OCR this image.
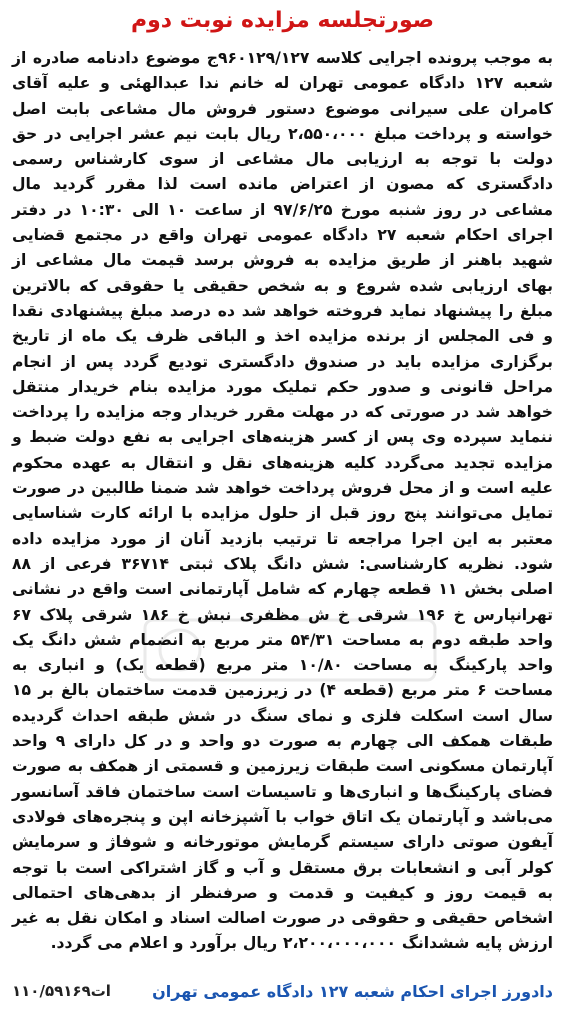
صورتجلسه مزایده نوبت دوم

به موجب پرونده اجرایی کلاسه ۹۶۰۱۲۹/۱۲۷ج موضوع دادنامه صادره از شعبه ۱۲۷ دادگاه عمومی تهران له خانم ندا عبدالهئی و علیه آقای کامران علی سیرانی موضوع دستور فروش مال مشاعی بابت اصل خواسته و پرداخت مبلغ ۲،۵۵۰،۰۰۰ ریال بابت نیم عشر اجرایی در حق دولت با توجه به ارزیابی مال مشاعی از سوی کارشناس رسمی دادگستری که مصون از اعتراض مانده است لذا مقرر گردید مال مشاعی در روز شنبه مورخ ۹۷/۶/۲۵ از ساعت ۱۰ الی ۱۰:۳۰ در دفتر اجرای احکام شعبه ۲۷ دادگاه عمومی تهران واقع در مجتمع قضایی شهید باهنر از طریق مزایده به فروش برسد قیمت مال مشاعی از بهای ارزیابی شده شروع و به شخص حقیقی یا حقوقی که بالاترین مبلغ را پیشنهاد نماید فروخته خواهد شد ده درصد مبلغ پیشنهادی نقدا و فی المجلس از برنده مزایده اخذ و الباقی ظرف یک ماه از تاریخ برگزاری مزایده باید در صندوق دادگستری تودیع گردد پس از انجام مراحل قانونی و صدور حکم تملیک مورد مزایده بنام خریدار منتقل خواهد شد در صورتی که در مهلت مقرر خریدار وجه مزایده را پرداخت ننماید سپرده وی پس از کسر هزینه‌های اجرایی به نفع دولت ضبط و مزایده تجدید می‌گردد کلیه هزینه‌های نقل و انتقال به عهده محکوم علیه است و از محل فروش پرداخت خواهد شد ضمنا طالبین در صورت تمایل می‌توانند پنج روز قبل از حلول مزایده با ارائه کارت شناسایی معتبر به این اجرا مراجعه تا ترتیب بازدید آنان از مورد مزایده داده شود. نظریه کارشناسی: شش دانگ پلاک ثبتی ۳۶۷۱۴ فرعی از ۸۸ اصلی بخش ۱۱ قطعه چهارم که شامل آپارتمانی است واقع در نشانی تهرانپارس خ ۱۹۶ شرقی خ ش مظفری نبش خ ۱۸۶ شرقی پلاک ۶۷ واحد طبقه دوم به مساحت ۵۴/۳۱ متر مربع به انضمام شش دانگ یک واحد پارکینگ به مساحت ۱۰/۸۰ متر مربع (قطعه یک) و انباری به مساحت ۶ متر مربع (قطعه ۴) در زیرزمین قدمت ساختمان بالغ بر ۱۵ سال است اسکلت فلزی و نمای سنگ در شش طبقه احداث گردیده طبقات همکف الی چهارم به صورت دو واحد و در کل دارای ۹ واحد آپارتمان مسکونی است طبقات زیرزمین و قسمتی از همکف به صورت فضای پارکینگ‌ها و انباری‌ها و تاسیسات است ساختمان فاقد آسانسور می‌باشد و آپارتمان یک اتاق خواب با آشپزخانه اپن و پنجره‌های فولادی آیفون صوتی دارای سیستم گرمایش موتورخانه و شوفاژ و سرمایش کولر آبی و انشعابات برق مستقل و آب و گاز اشتراکی است با توجه به قیمت روز و کیفیت و قدمت و صرفنظر از بدهی‌های احتمالی اشخاص حقیقی و حقوقی در صورت اصالت اسناد و امکان نقل به غیر ارزش پایه ششدانگ ۲،۲۰۰،۰۰۰،۰۰۰ ریال برآورد و اعلام می گردد.

دادورز اجرای احکام شعبه ۱۲۷ دادگاه عمومی تهران
۱۱۰/۵۹۱۶۹ات
